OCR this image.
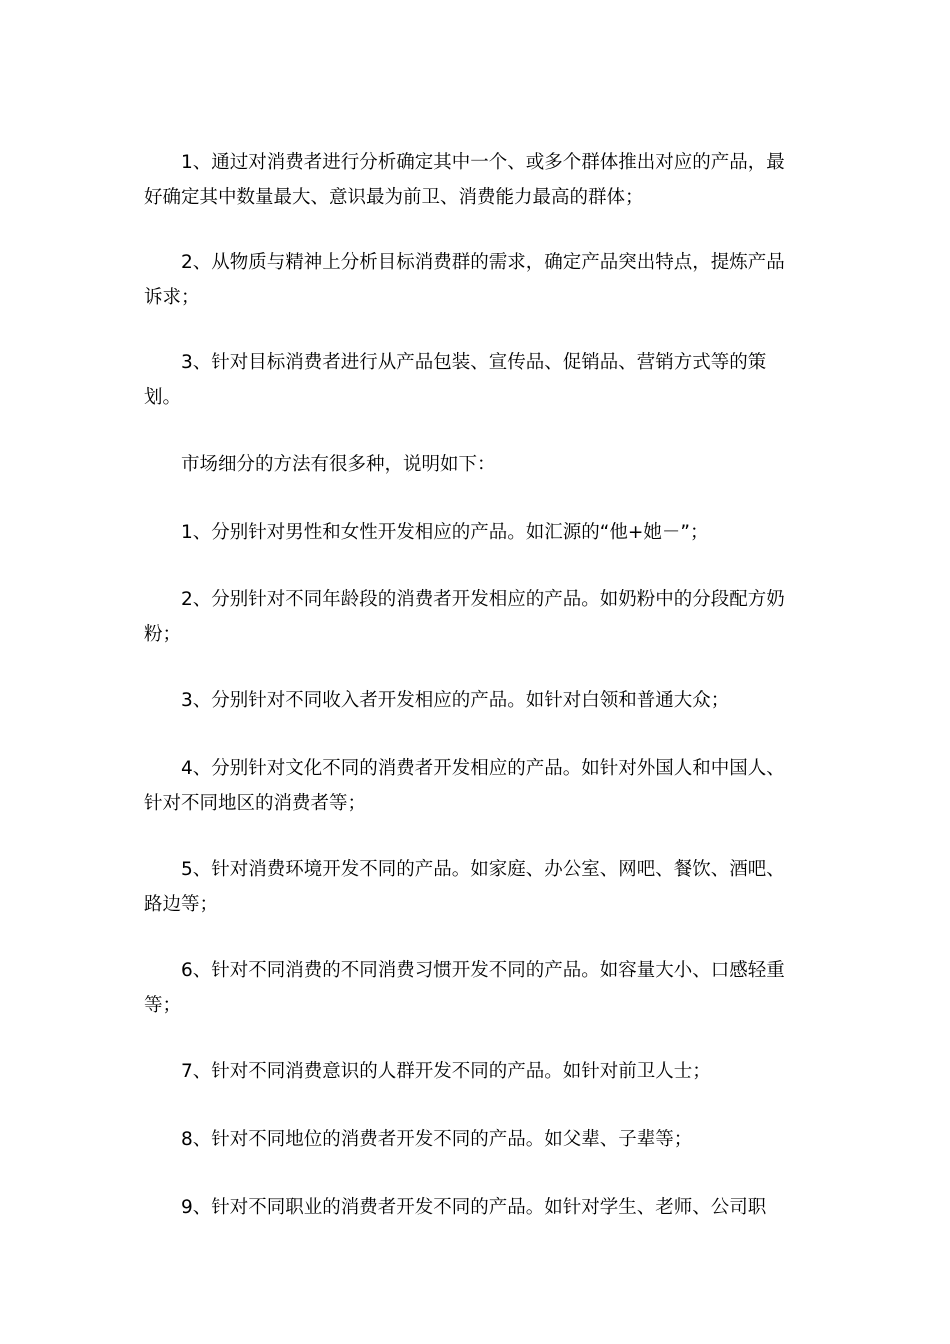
1、通过对消费者进行分析确定其中一个、或多个群体推出对应的产品，最好确定其中数量最大、意识最为前卫、消费能力最高的群体；

2、从物质与精神上分析目标消费群的需求，确定产品突出特点，提炼产品诉求；

3、针对目标消费者进行从产品包装、宣传品、促销品、营销方式等的策划。

市场细分的方法有很多种，说明如下：

1、分别针对男性和女性开发相应的产品。如汇源的“他+她－”；

2、分别针对不同年龄段的消费者开发相应的产品。如奶粉中的分段配方奶粉；

3、分别针对不同收入者开发相应的产品。如针对白领和普通大众；

4、分别针对文化不同的消费者开发相应的产品。如针对外国人和中国人、针对不同地区的消费者等；

5、针对消费环境开发不同的产品。如家庭、办公室、网吧、餐饮、酒吧、路边等；

6、针对不同消费的不同消费习惯开发不同的产品。如容量大小、口感轻重等；

7、针对不同消费意识的人群开发不同的产品。如针对前卫人士；

8、针对不同地位的消费者开发不同的产品。如父辈、子辈等；

9、针对不同职业的消费者开发不同的产品。如针对学生、老师、公司职
